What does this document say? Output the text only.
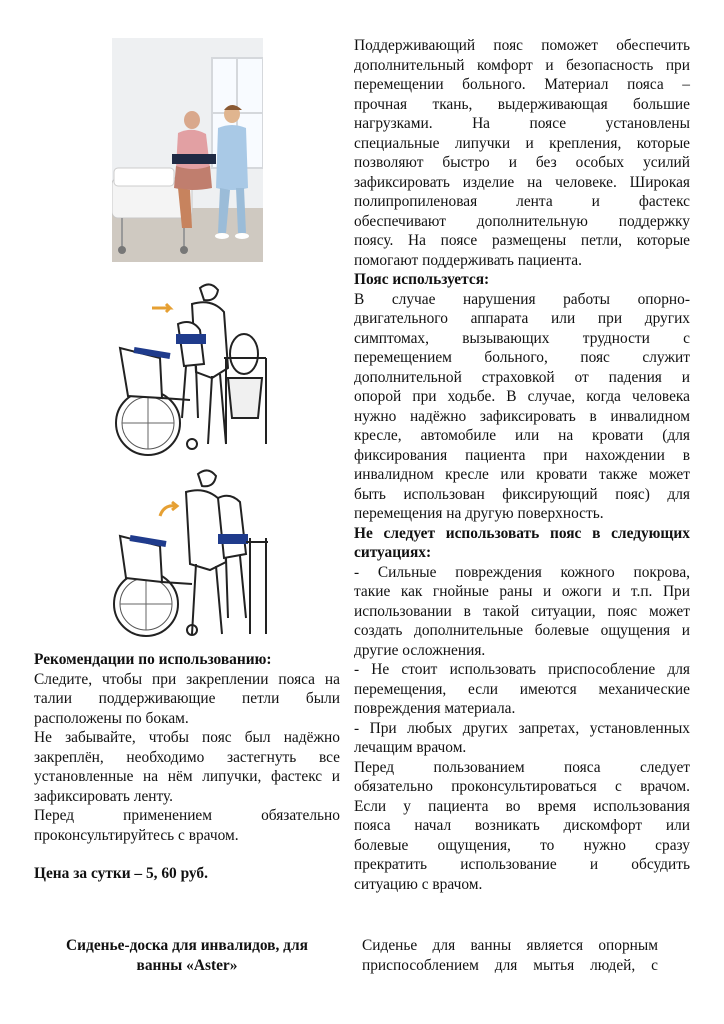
Поддерживающий пояс поможет обеспечить

дополнительный комфорт и безопасность при

перемещении больного. Материал пояса –

прочная ткань, выдерживающая большие

нагрузками. На поясе установлены

специальные липучки и крепления, которые

позволяют быстро и без особых усилий

зафиксировать изделие на человеке. Широкая

полипропиленовая лента и фастекс

обеспечивают дополнительную поддержку

поясу. На поясе размещены петли, которые

помогают поддерживать пациента.

Пояс используется:

В случае нарушения работы опорно-

двигательного аппарата или при других

симптомах, вызывающих трудности с

перемещением больного, пояс служит

дополнительной страховкой от падения и

опорой при ходьбе. В случае, когда человека

нужно надёжно зафиксировать в инвалидном

кресле, автомобиле или на кровати (для

фиксирования пациента при нахождении в

инвалидном кресле или кровати также может

быть использован фиксирующий пояс) для

перемещения на другую поверхность.

Не следует использовать пояс в следующих

ситуациях:

- Сильные повреждения кожного покрова,

такие как гнойные раны и ожоги и т.п. При

использовании в такой ситуации, пояс может

создать дополнительные болевые ощущения и

другие осложнения.

- Не стоит использовать приспособление для

перемещения, если имеются механические

повреждения материала.

- При любых других запретах, установленных

лечащим врачом.

Перед пользованием пояса следует

обязательно проконсультироваться с врачом.

Если у пациента во время использования

пояса начал возникать дискомфорт или

болевые ощущения, то нужно сразу

прекратить использование и обсудить

ситуацию с врачом.

Рекомендации по использованию:

Следите, чтобы при закреплении пояса на

талии поддерживающие петли были

расположены по бокам.

Не забывайте, чтобы пояс был надёжно

закреплён, необходимо застегнуть все

установленные на нём липучки, фастекс и

зафиксировать ленту.

Перед применением обязательно

проконсультируйтесь с врачом.

Цена за сутки – 5, 60 руб.

Сиденье-доска для инвалидов, для
ванны «Aster»
Сиденье для ванны является опорным
приспособлением для мытья людей, с
